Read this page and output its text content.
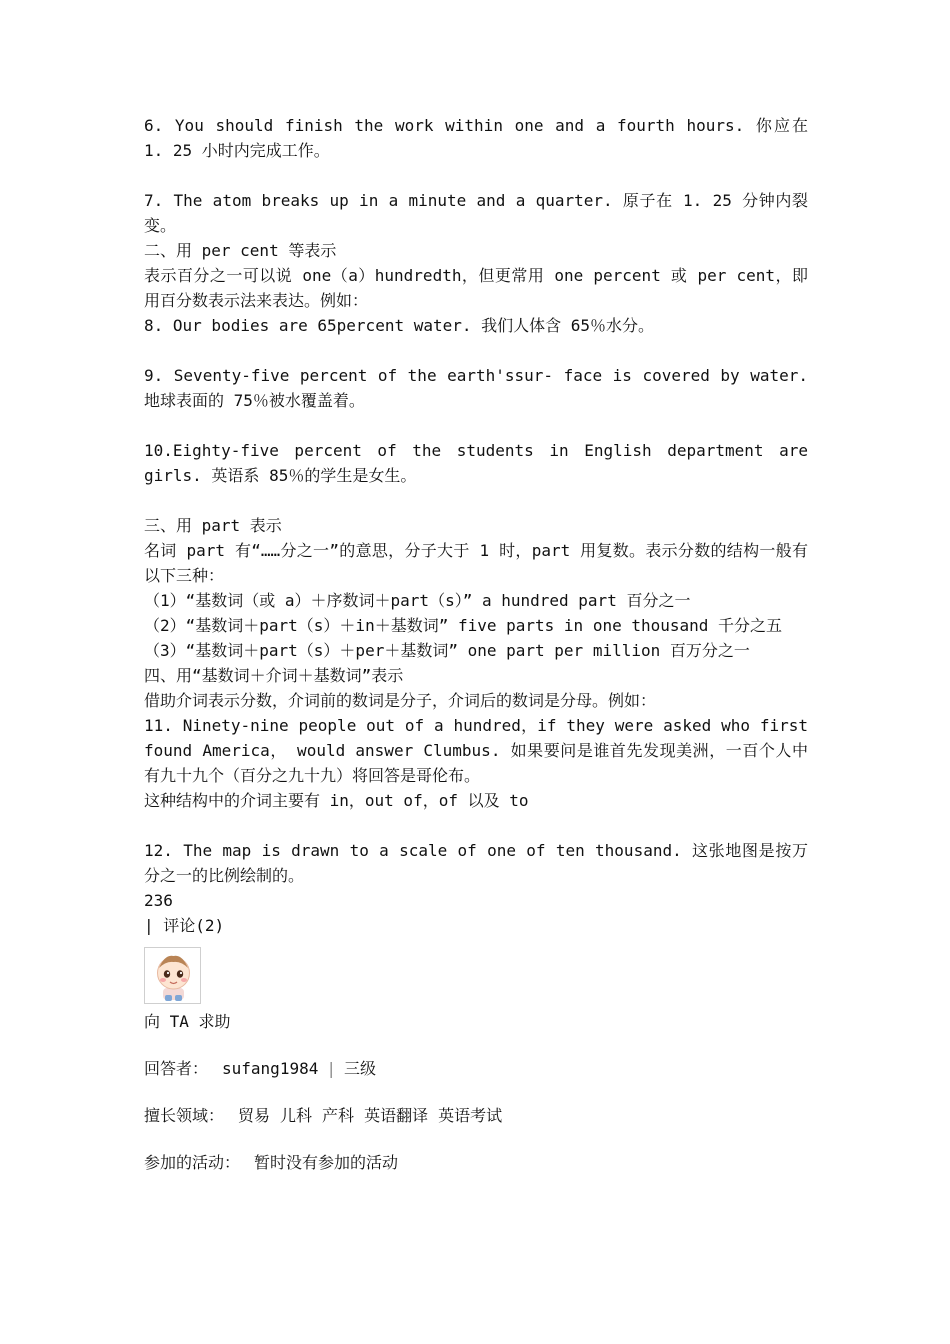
6. You should finish the work within one and a fourth hours. 你应在 1. 25 小时内完成工作。

7. The atom breaks up in a minute and a quarter. 原子在 1. 25 分钟内裂变。

二、用 per cent 等表示

表示百分之一可以说 one（a）hundredth，但更常用 one percent 或 per cent，即用百分数表示法来表达。例如：

8. Our bodies are 65percent water. 我们人体含 65％水分。

9. Seventy-five percent of the earth'ssur- face is covered by water. 地球表面的 75％被水覆盖着。

10.Eighty-five percent of the students in English department are girls. 英语系 85％的学生是女生。

三、用 part 表示

名词 part 有“……分之一”的意思，分子大于 1 时，part 用复数。表示分数的结构一般有以下三种：

（1）“基数词（或 a）＋序数词＋part（s）” a hundred part 百分之一

（2）“基数词＋part（s）＋in＋基数词” five parts in one thousand 千分之五

（3）“基数词＋part（s）＋per＋基数词” one part per million 百万分之一

四、用“基数词＋介词＋基数词”表示

借助介词表示分数，介词前的数词是分子，介词后的数词是分母。例如：

11. Ninety-nine people out of a hundred，if they were asked who first found America， would answer Clumbus. 如果要问是谁首先发现美洲，一百个人中有九十九个（百分之九十九）将回答是哥伦布。

这种结构中的介词主要有 in，out of，of 以及 to

12. The map is drawn to a scale of one of ten thousand. 这张地图是按万分之一的比例绘制的。

236

| 评论(2)

向 TA 求助

回答者： sufang1984 | 三级

擅长领域： 贸易 儿科 产科 英语翻译 英语考试

参加的活动： 暂时没有参加的活动
